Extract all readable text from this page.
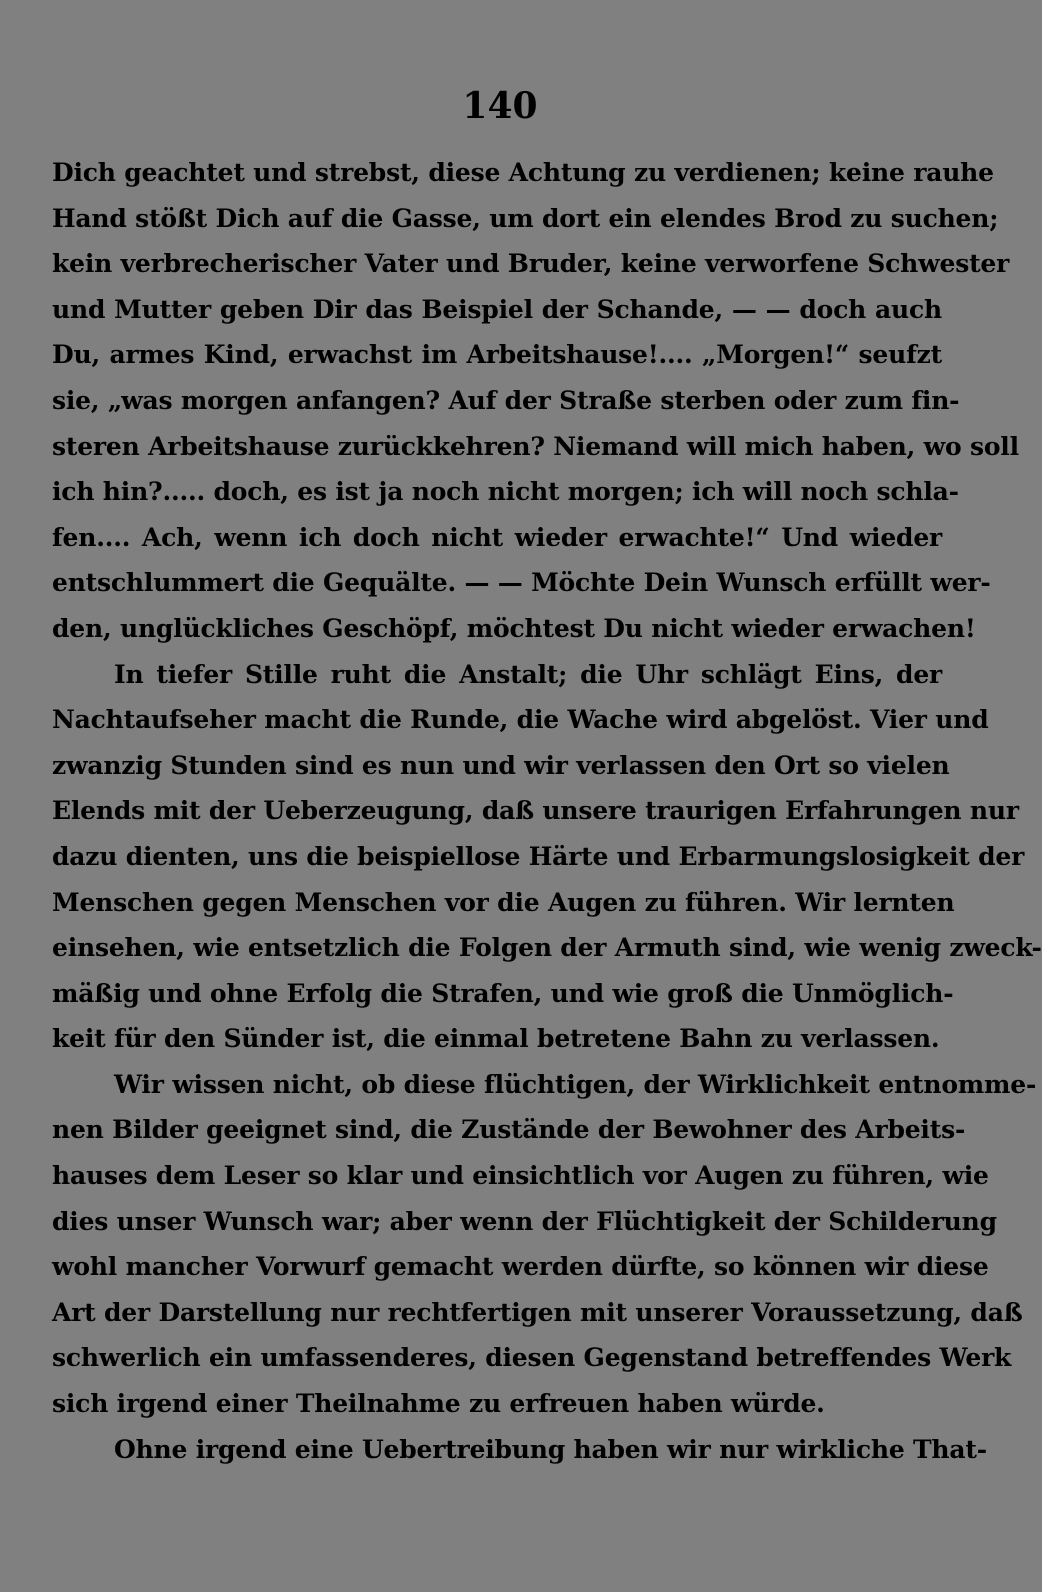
140
Dich geachtet und strebst, diese Achtung zu verdienen; keine rauhe
Hand stößt Dich auf die Gasse, um dort ein elendes Brod zu suchen;
kein verbrecherischer Vater und Bruder, keine verworfene Schwester
und Mutter geben Dir das Beispiel der Schande, — — doch auch
Du, armes Kind, erwachst im Arbeitshause!.... „Morgen!“ seufzt
sie, „was morgen anfangen? Auf der Straße sterben oder zum fin-
steren Arbeitshause zurückkehren? Niemand will mich haben, wo soll
ich hin?..... doch, es ist ja noch nicht morgen; ich will noch schla-
fen.... Ach, wenn ich doch nicht wieder erwachte!“ Und wieder
entschlummert die Gequälte. — — Möchte Dein Wunsch erfüllt wer-
den, unglückliches Geschöpf, möchtest Du nicht wieder erwachen!
In tiefer Stille ruht die Anstalt; die Uhr schlägt Eins, der
Nachtaufseher macht die Runde, die Wache wird abgelöst. Vier und
zwanzig Stunden sind es nun und wir verlassen den Ort so vielen
Elends mit der Ueberzeugung, daß unsere traurigen Erfahrungen nur
dazu dienten, uns die beispiellose Härte und Erbarmungslosigkeit der
Menschen gegen Menschen vor die Augen zu führen. Wir lernten
einsehen, wie entsetzlich die Folgen der Armuth sind, wie wenig zweck-
mäßig und ohne Erfolg die Strafen, und wie groß die Unmöglich-
keit für den Sünder ist, die einmal betretene Bahn zu verlassen.
Wir wissen nicht, ob diese flüchtigen, der Wirklichkeit entnomme-
nen Bilder geeignet sind, die Zustände der Bewohner des Arbeits-
hauses dem Leser so klar und einsichtlich vor Augen zu führen, wie
dies unser Wunsch war; aber wenn der Flüchtigkeit der Schilderung
wohl mancher Vorwurf gemacht werden dürfte, so können wir diese
Art der Darstellung nur rechtfertigen mit unserer Voraussetzung, daß
schwerlich ein umfassenderes, diesen Gegenstand betreffendes Werk
sich irgend einer Theilnahme zu erfreuen haben würde.
Ohne irgend eine Uebertreibung haben wir nur wirkliche That-
